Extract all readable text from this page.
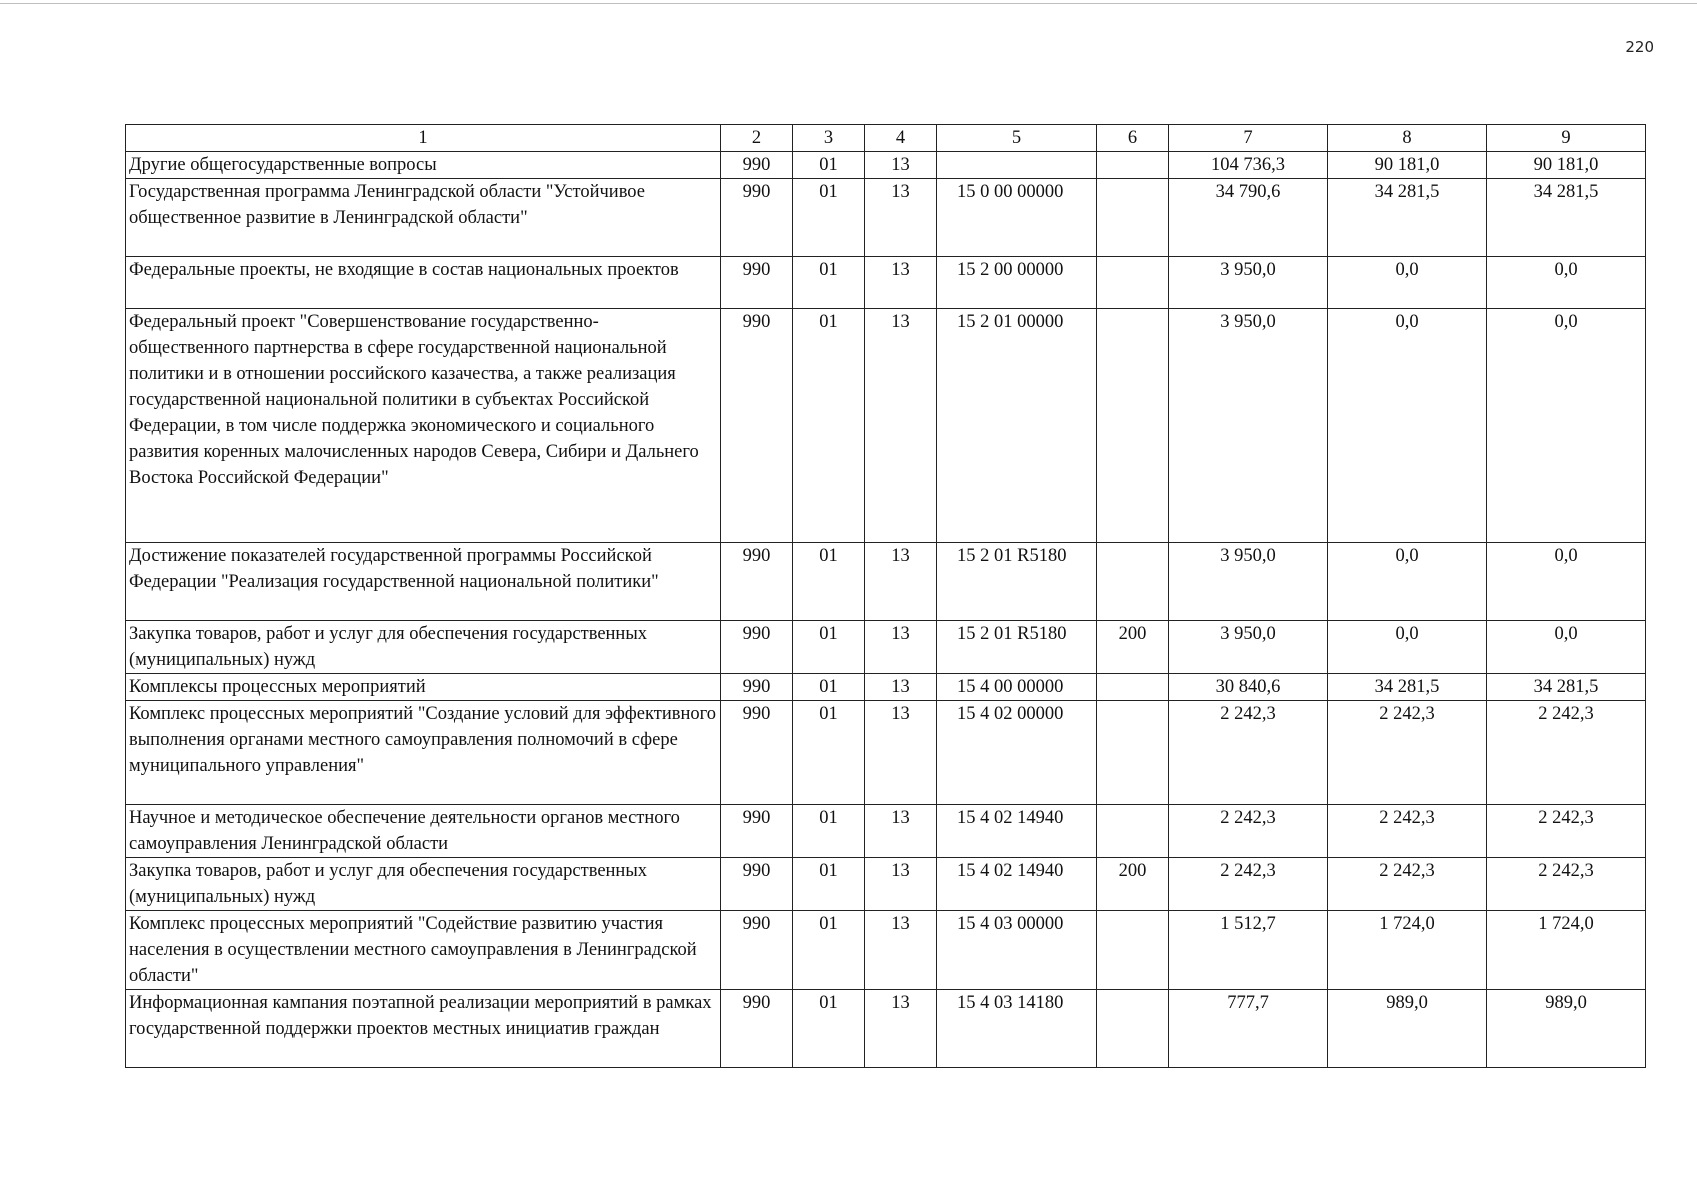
220
1	2	3	4	5	6	7	8	9
Другие общегосударственные вопросы	990	01	13			104 736,3	90 181,0	90 181,0
Государственная программа Ленинградской области "Устойчивое общественное развитие в Ленинградской области"	990	01	13	15 0 00 00000		34 790,6	34 281,5	34 281,5
Федеральные проекты, не входящие в состав национальных проектов	990	01	13	15 2 00 00000		3 950,0	0,0	0,0
Федеральный проект "Совершенствование государственно-общественного партнерства в сфере государственной национальной политики и в отношении российского казачества, а также реализация государственной национальной политики в субъектах Российской Федерации, в том числе поддержка экономического и социального развития коренных малочисленных народов Севера, Сибири и Дальнего Востока Российской Федерации"	990	01	13	15 2 01 00000		3 950,0	0,0	0,0
Достижение показателей государственной программы Российской Федерации "Реализация государственной национальной политики"	990	01	13	15 2 01 R5180		3 950,0	0,0	0,0
Закупка товаров, работ и услуг для обеспечения государственных (муниципальных) нужд	990	01	13	15 2 01 R5180	200	3 950,0	0,0	0,0
Комплексы процессных мероприятий	990	01	13	15 4 00 00000		30 840,6	34 281,5	34 281,5
Комплекс процессных мероприятий "Создание условий для эффективного выполнения органами местного самоуправления полномочий в сфере муниципального управления"	990	01	13	15 4 02 00000		2 242,3	2 242,3	2 242,3
Научное и методическое обеспечение деятельности органов местного самоуправления Ленинградской области	990	01	13	15 4 02 14940		2 242,3	2 242,3	2 242,3
Закупка товаров, работ и услуг для обеспечения государственных (муниципальных) нужд	990	01	13	15 4 02 14940	200	2 242,3	2 242,3	2 242,3
Комплекс процессных мероприятий "Содействие развитию участия населения в осуществлении местного самоуправления в Ленинградской области"	990	01	13	15 4 03 00000		1 512,7	1 724,0	1 724,0
Информационная кампания поэтапной реализации мероприятий в рамках государственной поддержки проектов местных инициатив граждан	990	01	13	15 4 03 14180		777,7	989,0	989,0
